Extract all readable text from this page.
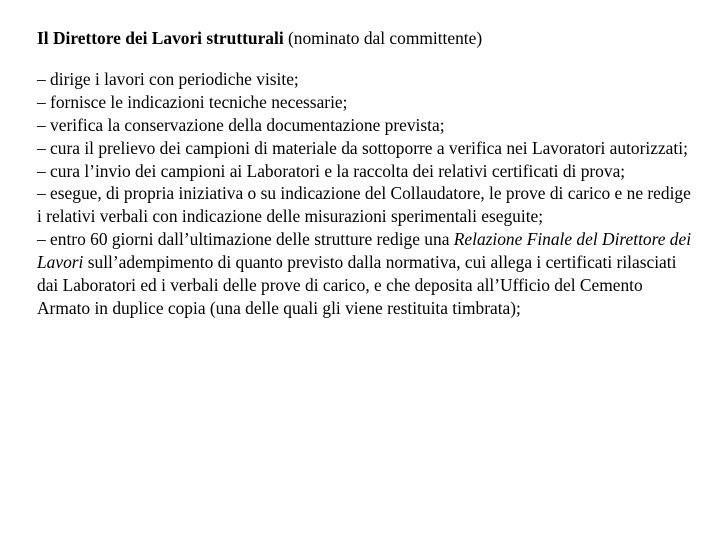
Il Direttore dei Lavori strutturali (nominato dal committente)

– dirige i lavori con periodiche visite;

– fornisce le indicazioni tecniche necessarie;

– verifica la conservazione della documentazione prevista;

– cura il prelievo dei campioni di materiale da sottoporre a verifica nei Lavoratori autorizzati;

– cura l’invio dei campioni ai Laboratori e la raccolta dei relativi certificati di prova;

– esegue, di propria iniziativa o su indicazione del Collaudatore, le prove di carico e ne redige i relativi verbali con indicazione delle misurazioni sperimentali eseguite;

– entro 60 giorni dall’ultimazione delle strutture redige una Relazione Finale del Direttore dei Lavori sull’adempimento di quanto previsto dalla normativa, cui allega i certificati rilasciati dai Laboratori ed i verbali delle prove di carico, e che deposita all’Ufficio del Cemento Armato in duplice copia (una delle quali gli viene restituita timbrata);
